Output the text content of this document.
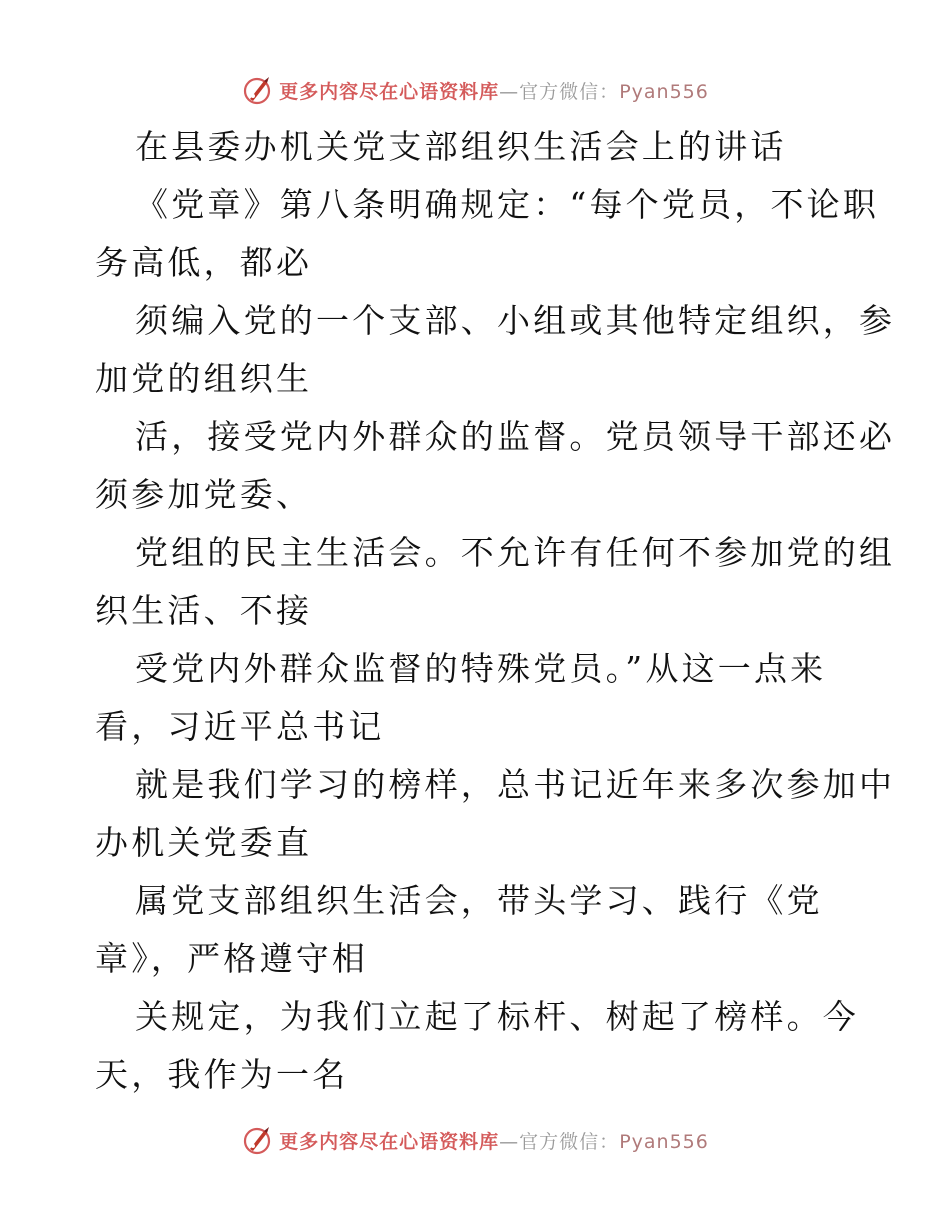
更多内容尽在心语资料库—官方微信：Pyan556
在县委办机关党支部组织生活会上的讲话
《党章》第八条明确规定：“每个党员，不论职
务高低，都必
须编入党的一个支部、小组或其他特定组织，参
加党的组织生
活，接受党内外群众的监督。党员领导干部还必
须参加党委、
党组的民主生活会。不允许有任何不参加党的组
织生活、不接
受党内外群众监督的特殊党员。”从这一点来
看，习近平总书记
就是我们学习的榜样，总书记近年来多次参加中
办机关党委直
属党支部组织生活会，带头学习、践行《党
章》，严格遵守相
关规定，为我们立起了标杆、树起了榜样。今
天，我作为一名
更多内容尽在心语资料库—官方微信：Pyan556
